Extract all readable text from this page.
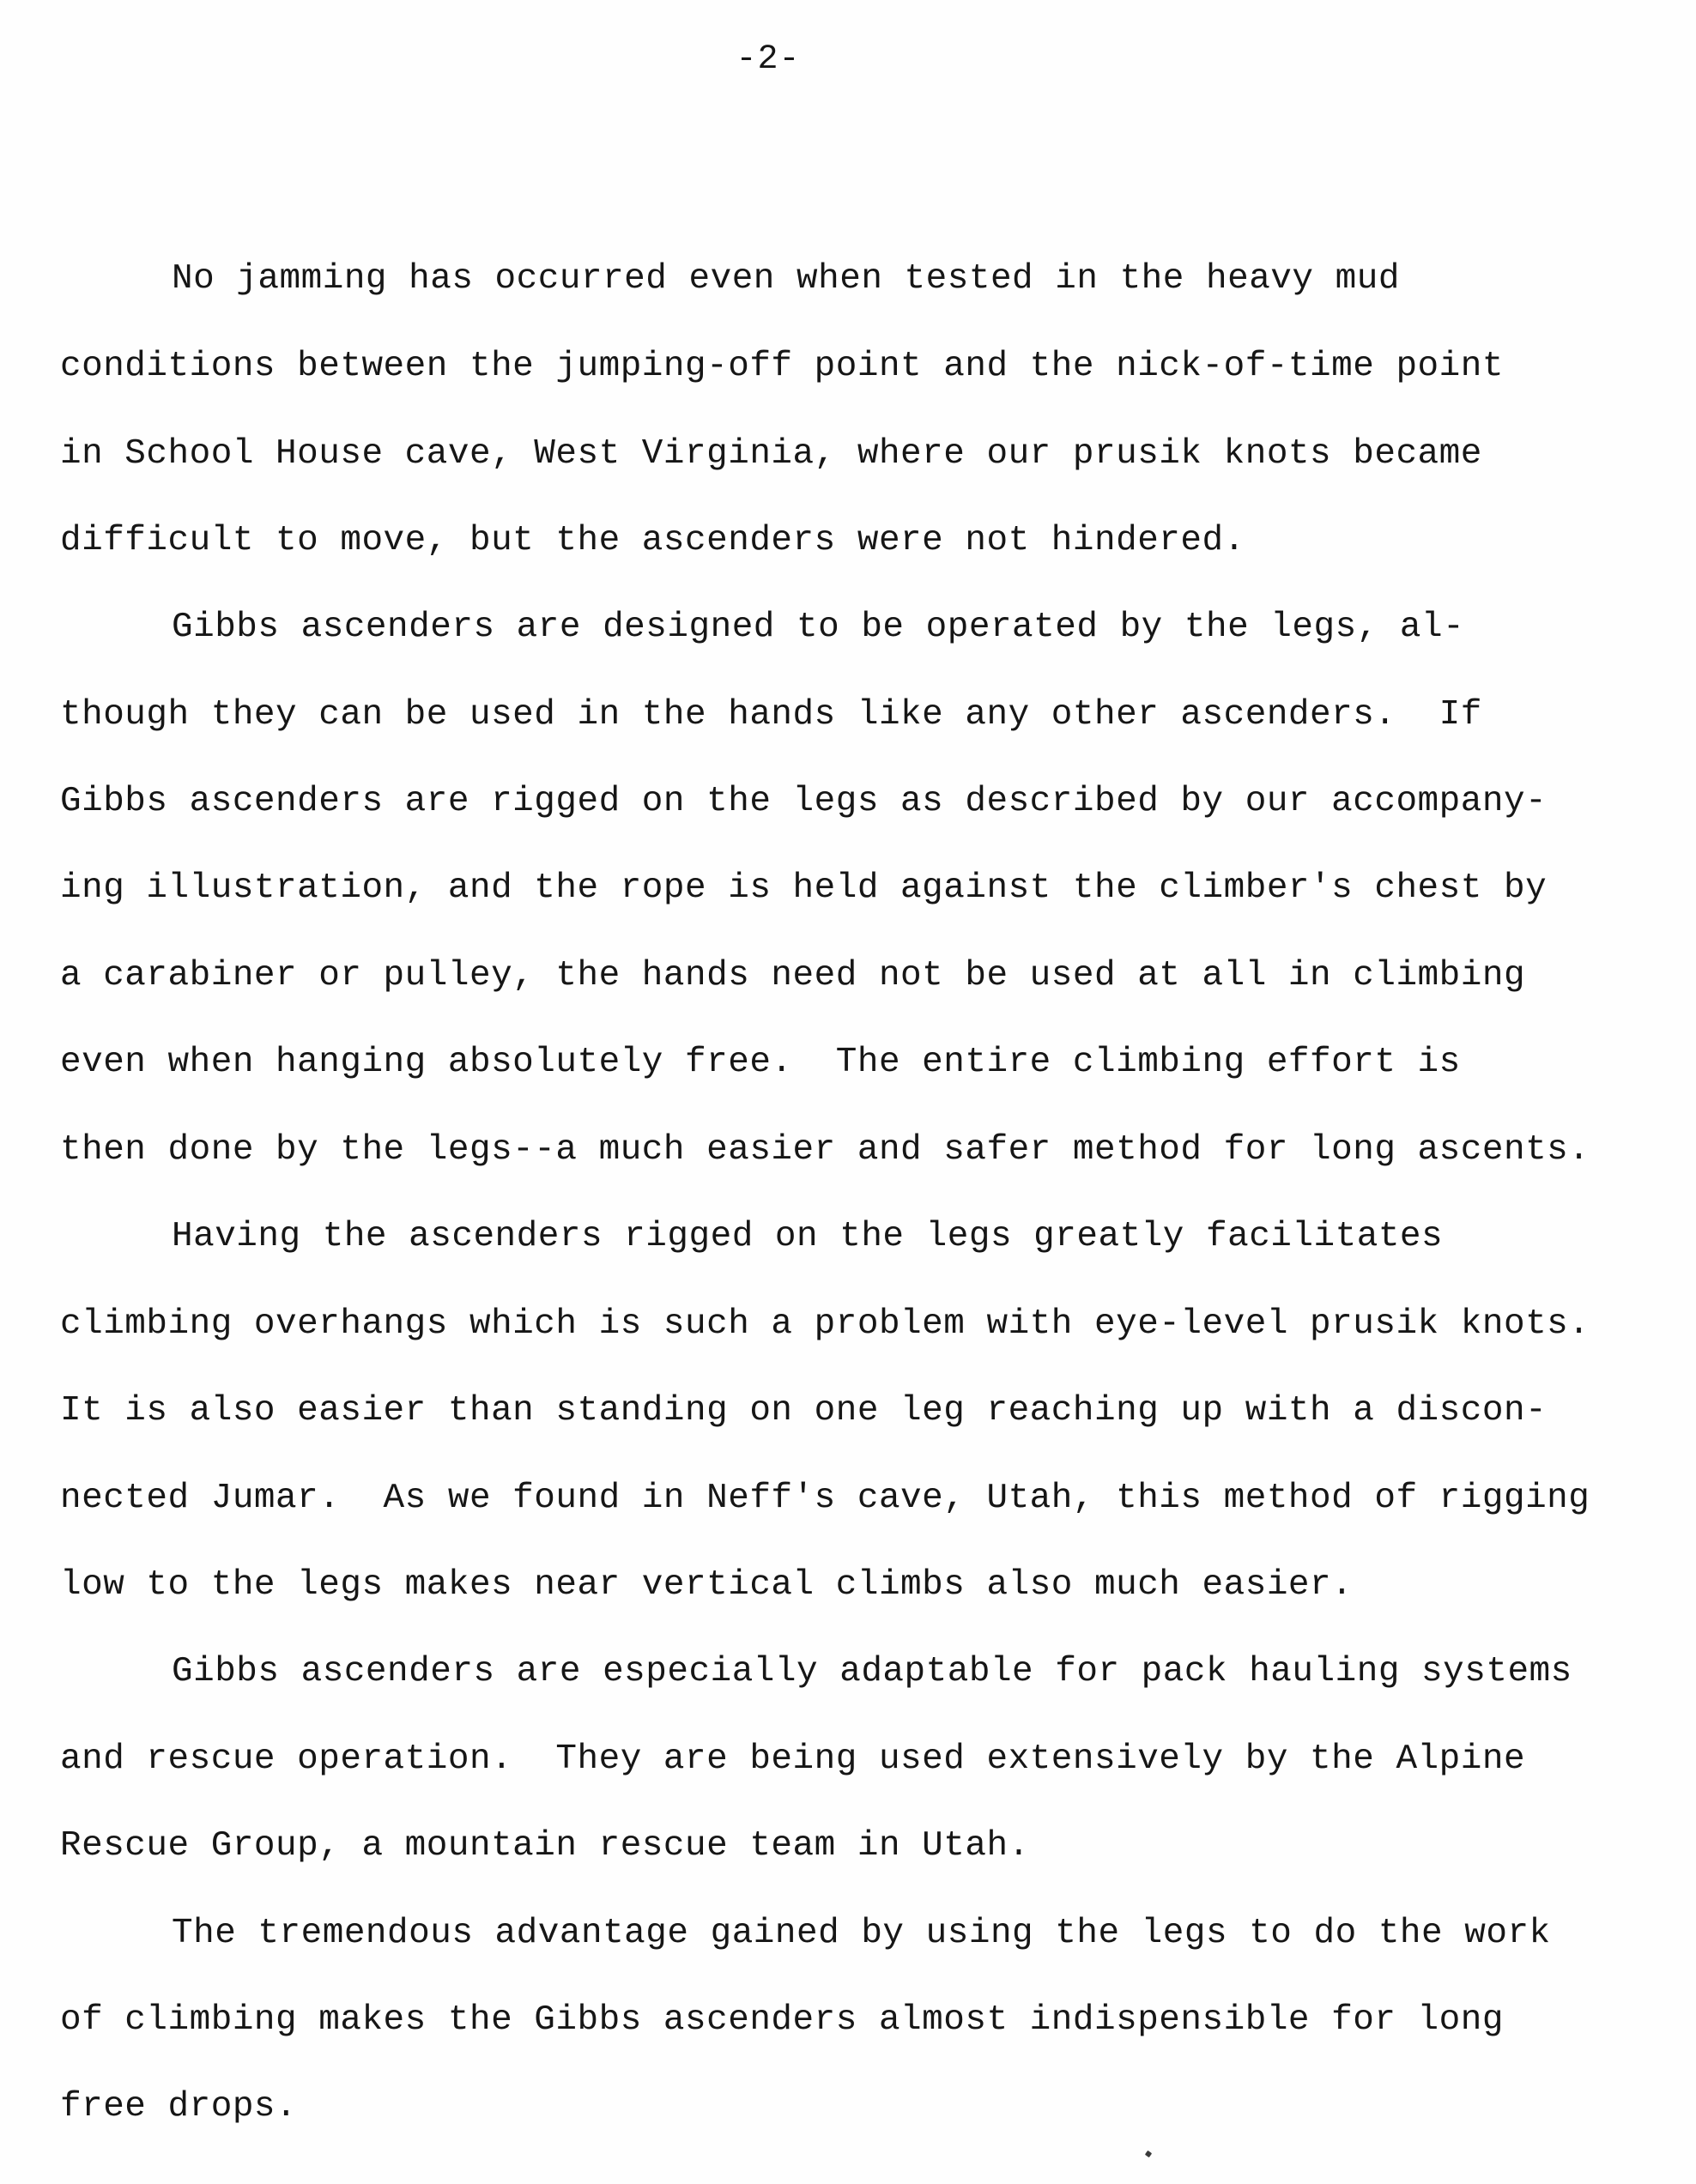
-2-

No jamming has occurred even when tested in the heavy mud

conditions between the jumping-off point and the nick-of-time point

in School House cave, West Virginia, where our prusik knots became

difficult to move, but the ascenders were not hindered.

Gibbs ascenders are designed to be operated by the legs, al-

though they can be used in the hands like any other ascenders.  If

Gibbs ascenders are rigged on the legs as described by our accompany-

ing illustration, and the rope is held against the climber's chest by

a carabiner or pulley, the hands need not be used at all in climbing

even when hanging absolutely free.  The entire climbing effort is

then done by the legs--a much easier and safer method for long ascents.

Having the ascenders rigged on the legs greatly facilitates

climbing overhangs which is such a problem with eye-level prusik knots.

It is also easier than standing on one leg reaching up with a discon-

nected Jumar.  As we found in Neff's cave, Utah, this method of rigging

low to the legs makes near vertical climbs also much easier.

Gibbs ascenders are especially adaptable for pack hauling systems

and rescue operation.  They are being used extensively by the Alpine

Rescue Group, a mountain rescue team in Utah.

The tremendous advantage gained by using the legs to do the work

of climbing makes the Gibbs ascenders almost indispensible for long

free drops.
